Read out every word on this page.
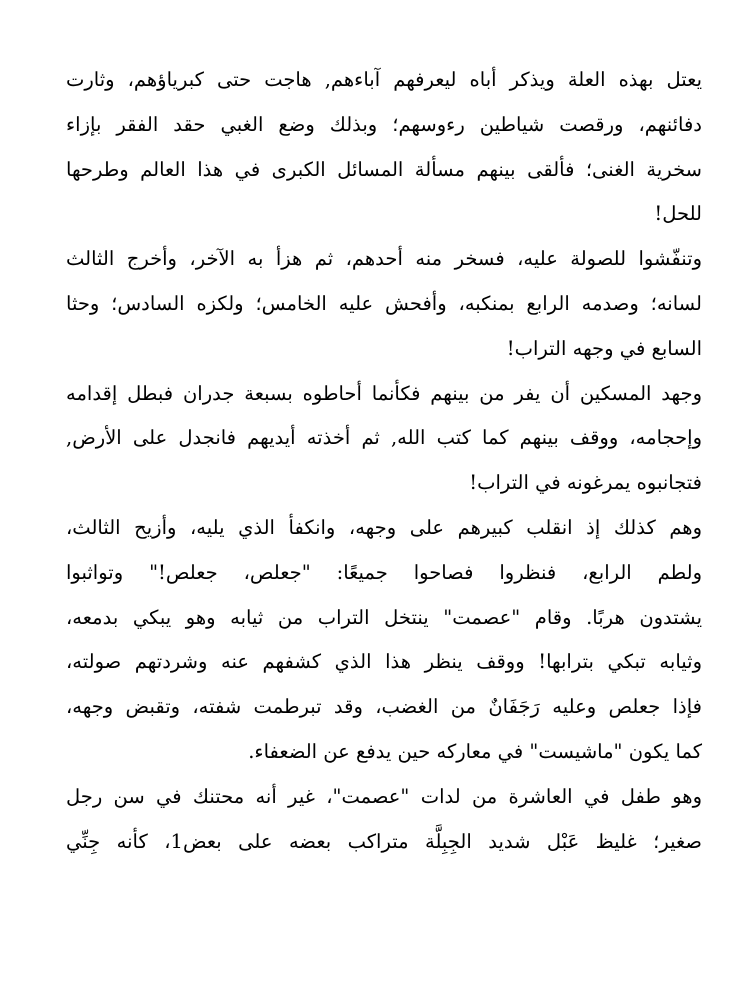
يعتل بهذه العلة ويذكر أباه ليعرفهم آباءهم, هاجت حتى كبرياؤهم، وثارت
دفائنهم، ورقصت شياطين رءوسهم؛ وبذلك وضع الغبي حقد الفقر بإزاء
سخرية الغنى؛ فألقى بينهم مسألة المسائل الكبرى في هذا العالم وطرحها
للحل!
وتنفّشوا للصولة عليه، فسخر منه أحدهم، ثم هزأ به الآخر، وأخرج الثالث
لسانه؛ وصدمه الرابع بمنكبه، وأفحش عليه الخامس؛ ولكزه السادس؛ وحثا
السابع في وجهه التراب!
وجهد المسكين أن يفر من بينهم فكأنما أحاطوه بسبعة جدران فبطل إقدامه
وإحجامه، ووقف بينهم كما كتب الله, ثم أخذته أيديهم فانجدل على الأرض,
فتجانبوه يمرغونه في التراب!
وهم كذلك إذ انقلب كبيرهم على وجهه، وانكفأ الذي يليه، وأزيح الثالث،
ولطم الرابع، فنظروا فصاحوا جميعًا: "جعلص، جعلص!" وتواثبوا
يشتدون هربًا. وقام "عصمت" ينتخل التراب من ثيابه وهو يبكي بدمعه،
وثيابه تبكي بترابها! ووقف ينظر هذا الذي كشفهم عنه وشردتهم صولته،
فإذا جعلص وعليه رَجَفَانٌ من الغضب، وقد تبرطمت شفته، وتقبض وجهه،
كما يكون "ماشيست" في معاركه حين يدفع عن الضعفاء.
وهو طفل في العاشرة من لدات "عصمت"، غير أنه محتنك في سن رجل
صغير؛ غليظ عَبْل شديد الجِبِلَّة متراكب بعضه على بعض1، كأنه جِنِّي
